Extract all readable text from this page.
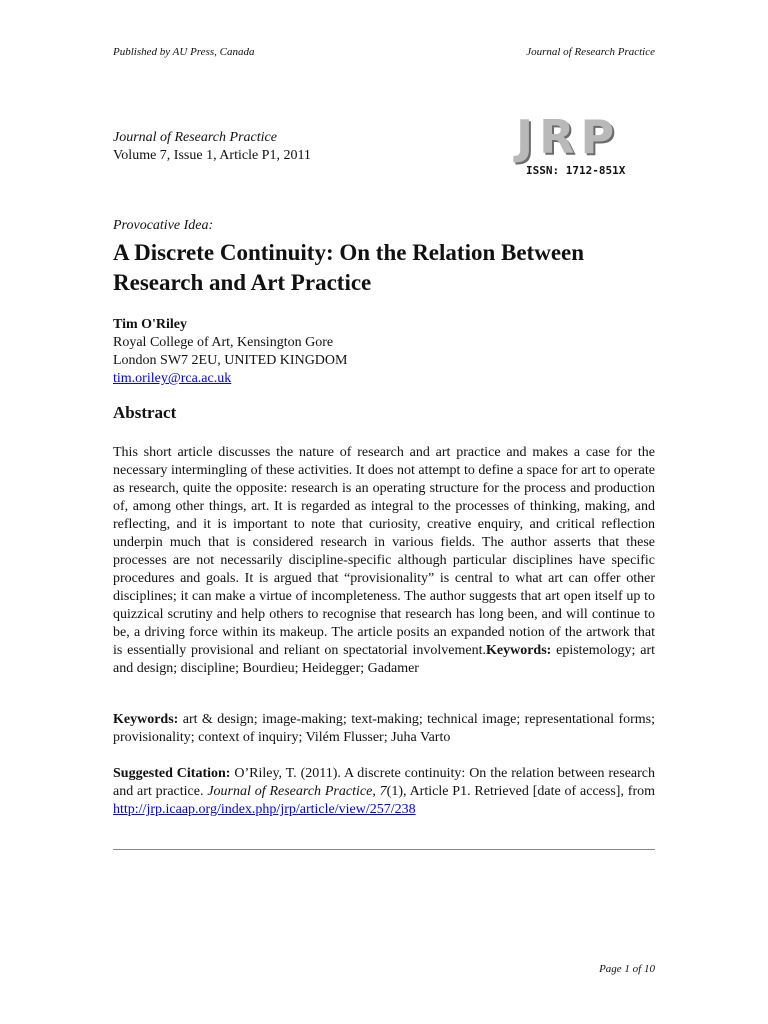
Published by AU Press, Canada	Journal of Research Practice
Journal of Research Practice
Volume 7, Issue 1, Article P1, 2011	J R P
ISSN: 1712-851X
Provocative Idea:
A Discrete Continuity: On the Relation Between Research and Art Practice
Tim O'Riley
Royal College of Art, Kensington Gore
London SW7 2EU, UNITED KINGDOM
tim.oriley@rca.ac.uk
Abstract

This short article discusses the nature of research and art practice and makes a case for the necessary intermingling of these activities. It does not attempt to define a space for art to operate as research, quite the opposite: research is an operating structure for the process and production of, among other things, art. It is regarded as integral to the processes of thinking, making, and reflecting, and it is important to note that curiosity, creative enquiry, and critical reflection underpin much that is considered research in various fields. The author asserts that these processes are not necessarily discipline-specific although particular disciplines have specific procedures and goals. It is argued that “provisionality” is central to what art can offer other disciplines; it can make a virtue of incompleteness. The author suggests that art open itself up to quizzical scrutiny and help others to recognise that research has long been, and will continue to be, a driving force within its makeup. The article posits an expanded notion of the artwork that is essentially provisional and reliant on spectatorial involvement.Keywords: epistemology; art and design; discipline; Bourdieu; Heidegger; Gadamer

Keywords: art & design; image-making; text-making; technical image; representational forms; provisionality; context of inquiry; Vilém Flusser; Juha Varto

Suggested Citation: O’Riley, T. (2011). A discrete continuity: On the relation between research and art practice. Journal of Research Practice, 7(1), Article P1. Retrieved [date of access], from http://jrp.icaap.org/index.php/jrp/article/view/257/238

Page 1 of 10
